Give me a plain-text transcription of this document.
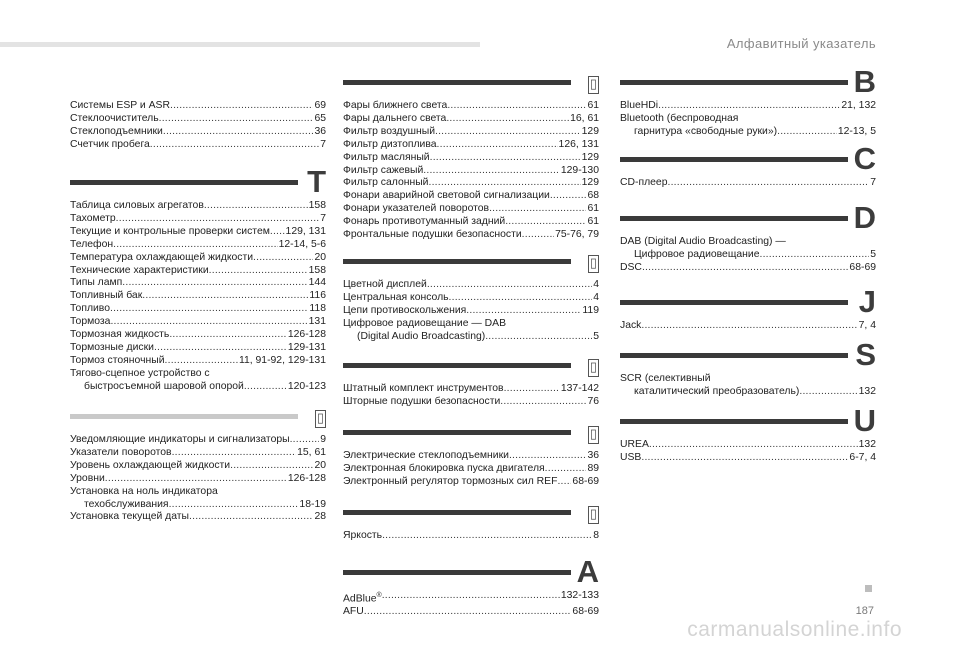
Алфавитный указатель
Системы ESP и ASR .....	69
Стеклоочиститель .....	65
Стеклоподъемники .....	36
Счетчик пробега .....	7
T
Таблица силовых агрегатов .....	158
Тахометр .....	7
Текущие и контрольные проверки систем ..... 129, 131
Телефон .....	12-14, 5-6
Температура охлаждающей жидкости .....	20
Технические характеристики .....	158
Типы ламп .....	144
Топливный бак .....	116
Топливо .....	118
Тормоза .....	131
Тормозная жидкость .....	126-128
Тормозные диски .....	129-131
Тормоз стояночный .....	11, 91-92, 129-131
Тягово-сцепное устройство с
быстросъемной шаровой опорой .....	120-123
▯
Уведомляющие индикаторы и сигнализаторы .....	9
Указатели поворотов .....	15, 61
Уровень охлаждающей жидкости .....	20
Уровни .....	126-128
Установка на ноль индикатора
техобслуживания .....	18-19
Установка текущей даты .....	28
▯
Фары ближнего света .....	61
Фары дальнего света .....	16, 61
Фильтр воздушный .....	129
Фильтр дизтоплива .....	126, 131
Фильтр масляный .....	129
Фильтр сажевый .....	129-130
Фильтр салонный .....	129
Фонари аварийной световой сигнализации .....	68
Фонари указателей поворотов .....	61
Фонарь противотуманный задний .....	61
Фронтальные подушки безопасности .....	75-76, 79
▯
Цветной дисплей .....	4
Центральная консоль .....	4
Цепи противоскольжения .....	119
Цифровое радиовещание — DAB
(Digital Audio Broadcasting) .....	5
▯
Штатный комплект инструментов .....	137-142
Шторные подушки безопасности .....	76
▯
Электрические стеклоподъемники .....	36
Электронная блокировка пуска двигателя .....	89
Электронный регулятор тормозных сил REF ..... 68-69
▯
Яркость .....	8
A
AdBlue® .....	132-133
AFU .....	68-69
B
BlueHDi .....	21, 132
Bluetooth (беспроводная
гарнитура «свободные руки») .....	12-13, 5
C
CD-плеер .....	7
D
DAB (Digital Audio Broadcasting) —
Цифровое радиовещание .....	5
DSC .....	68-69
J
Jack .....	7, 4
S
SCR (селективный
каталитический преобразователь) .....	132
U
UREA .....	132
USB .....	6-7, 4
187
carmanualsonline.info
